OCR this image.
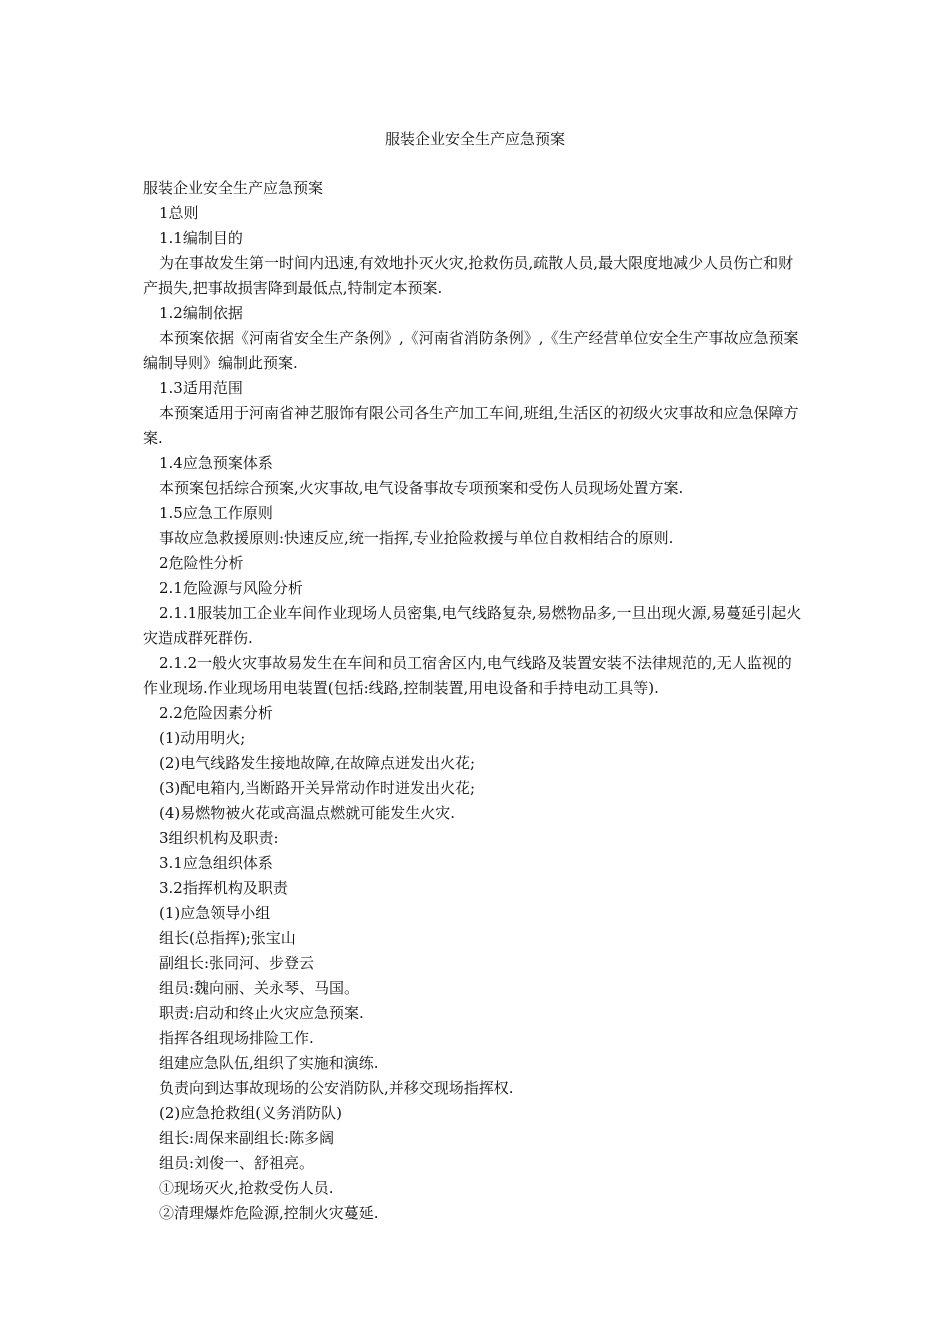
服装企业安全生产应急预案
服装企业安全生产应急预案
1总则
1.1编制目的
为在事故发生第一时间内迅速,有效地扑灭火灾,抢救伤员,疏散人员,最大限度地减少人员伤亡和财产损失,把事故损害降到最低点,特制定本预案.
1.2编制依据
本预案依据《河南省安全生产条例》,《河南省消防条例》,《生产经营单位安全生产事故应急预案编制导则》编制此预案.
1.3适用范围
本预案适用于河南省神艺服饰有限公司各生产加工车间,班组,生活区的初级火灾事故和应急保障方案.
1.4应急预案体系
本预案包括综合预案,火灾事故,电气设备事故专项预案和受伤人员现场处置方案.
1.5应急工作原则
事故应急救援原则:快速反应,统一指挥,专业抢险救援与单位自救相结合的原则.
2危险性分析
2.1危险源与风险分析
2.1.1服装加工企业车间作业现场人员密集,电气线路复杂,易燃物品多,一旦出现火源,易蔓延引起火灾造成群死群伤.
2.1.2一般火灾事故易发生在车间和员工宿舍区内,电气线路及装置安装不法律规范的,无人监视的作业现场.作业现场用电装置(包括:线路,控制装置,用电设备和手持电动工具等).
2.2危险因素分析
(1)动用明火;
(2)电气线路发生接地故障,在故障点迸发出火花;
(3)配电箱内,当断路开关异常动作时迸发出火花;
(4)易燃物被火花或高温点燃就可能发生火灾.
3组织机构及职责:
3.1应急组织体系
3.2指挥机构及职责
(1)应急领导小组
组长(总指挥);张宝山
副组长:张同河、步登云
组员:魏向丽、关永琴、马国。
职责:启动和终止火灾应急预案.
指挥各组现场排险工作.
组建应急队伍,组织了实施和演练.
负责向到达事故现场的公安消防队,并移交现场指挥权.
(2)应急抢救组(义务消防队)
组长:周保来副组长:陈多阔
组员:刘俊一、舒祖亮。
①现场灭火,抢救受伤人员.
②清理爆炸危险源,控制火灾蔓延.
